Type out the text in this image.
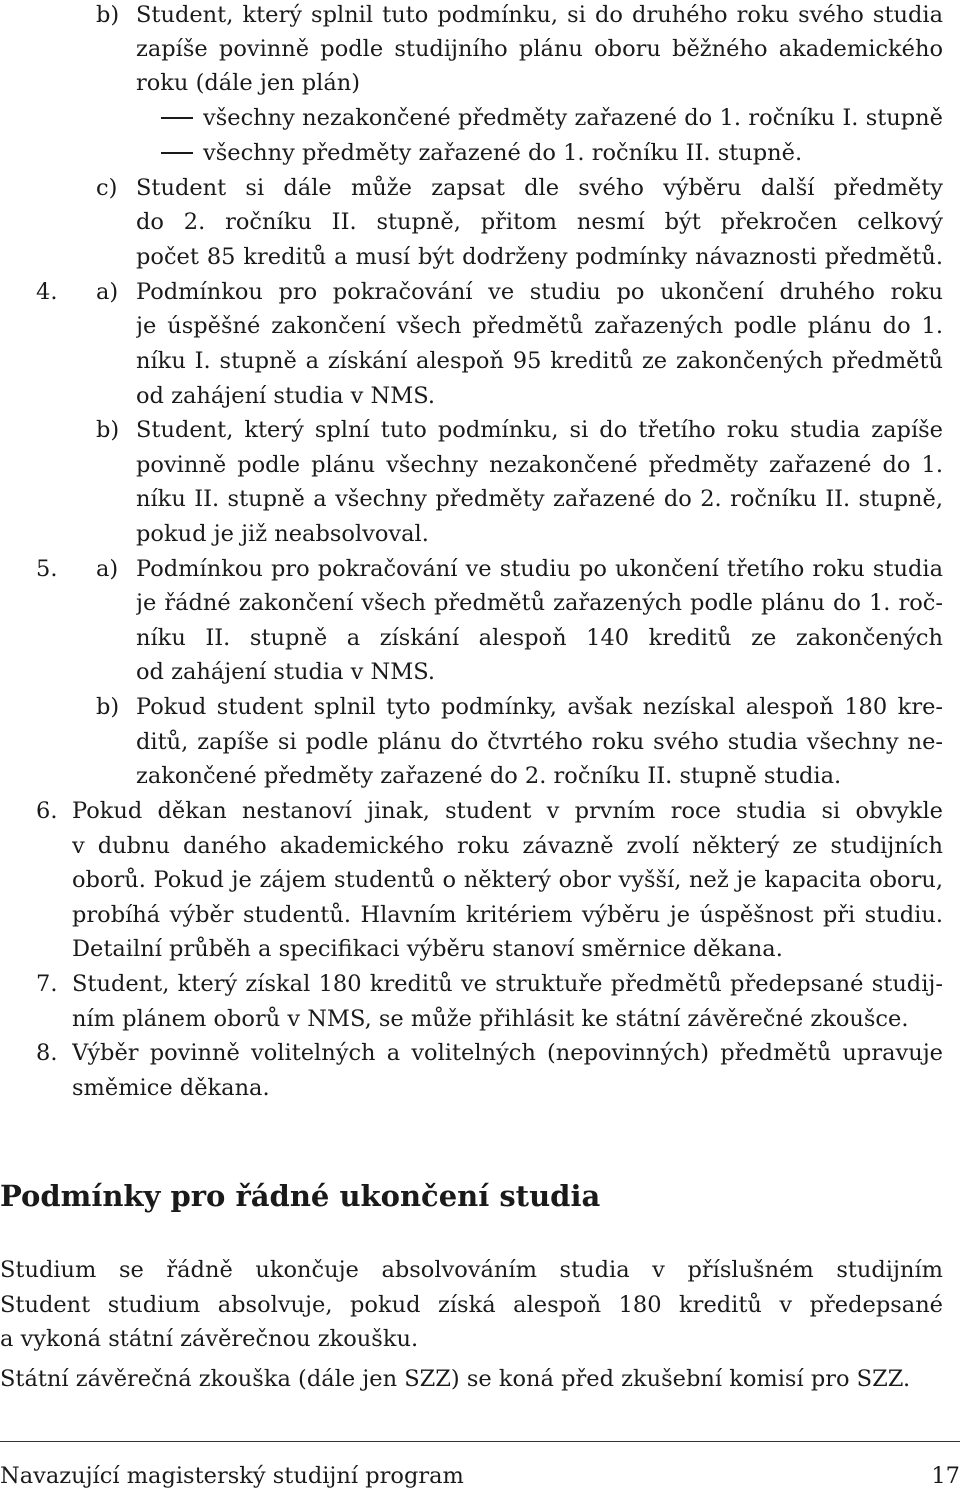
b) Student, který splnil tuto podmínku, si do druhého roku svého studia
zapíše povinně podle studijního plánu oboru běžného akademického
roku (dále jen plán)
všechny nezakončené předměty zařazené do 1. ročníku I. stupně
všechny předměty zařazené do 1. ročníku II. stupně.
c) Student si dále může zapsat dle svého výběru další předměty
do 2. ročníku II. stupně, přitom nesmí být překročen celkový
počet 85 kreditů a musí být dodrženy podmínky návaznosti předmětů.
4. a) Podmínkou pro pokračování ve studiu po ukončení druhého roku
je úspěšné zakončení všech předmětů zařazených podle plánu do 1.
níku I. stupně a získání alespoň 95 kreditů ze zakončených předmětů
od zahájení studia v NMS.
b) Student, který splní tuto podmínku, si do třetího roku studia zapíše
povinně podle plánu všechny nezakončené předměty zařazené do 1.
níku II. stupně a všechny předměty zařazené do 2. ročníku II. stupně,
pokud je již neabsolvoval.
5. a) Podmínkou pro pokračování ve studiu po ukončení třetího roku studia
je řádné zakončení všech předmětů zařazených podle plánu do 1. roč-
níku II. stupně a získání alespoň 140 kreditů ze zakončených
od zahájení studia v NMS.
b) Pokud student splnil tyto podmínky, avšak nezískal alespoň 180 kre-
ditů, zapíše si podle plánu do čtvrtého roku svého studia všechny ne-
zakončené předměty zařazené do 2. ročníku II. stupně studia.
6. Pokud děkan nestanoví jinak, student v prvním roce studia si obvykle
v dubnu daného akademického roku závazně zvolí některý ze studijních
oborů. Pokud je zájem studentů o některý obor vyšší, než je kapacita oboru,
probíhá výběr studentů. Hlavním kritériem výběru je úspěšnost při studiu.
Detailní průběh a specifikaci výběru stanoví směrnice děkana.
7. Student, který získal 180 kreditů ve struktuře předmětů předepsané studij-
ním plánem oborů v NMS, se může přihlásit ke státní závěrečné zkoušce.
8. Výběr povinně volitelných a volitelných (nepovinných) předmětů upravuje
směmice děkana.
Podmínky pro řádné ukončení studia
Studium se řádně ukončuje absolvováním studia v příslušném studijním
Student studium absolvuje, pokud získá alespoň 180 kreditů v předepsané
a vykoná státní závěrečnou zkoušku.
Státní závěrečná zkouška (dále jen SZZ) se koná před zkušební komisí pro SZZ.
Navazující magisterský studijní program	17
